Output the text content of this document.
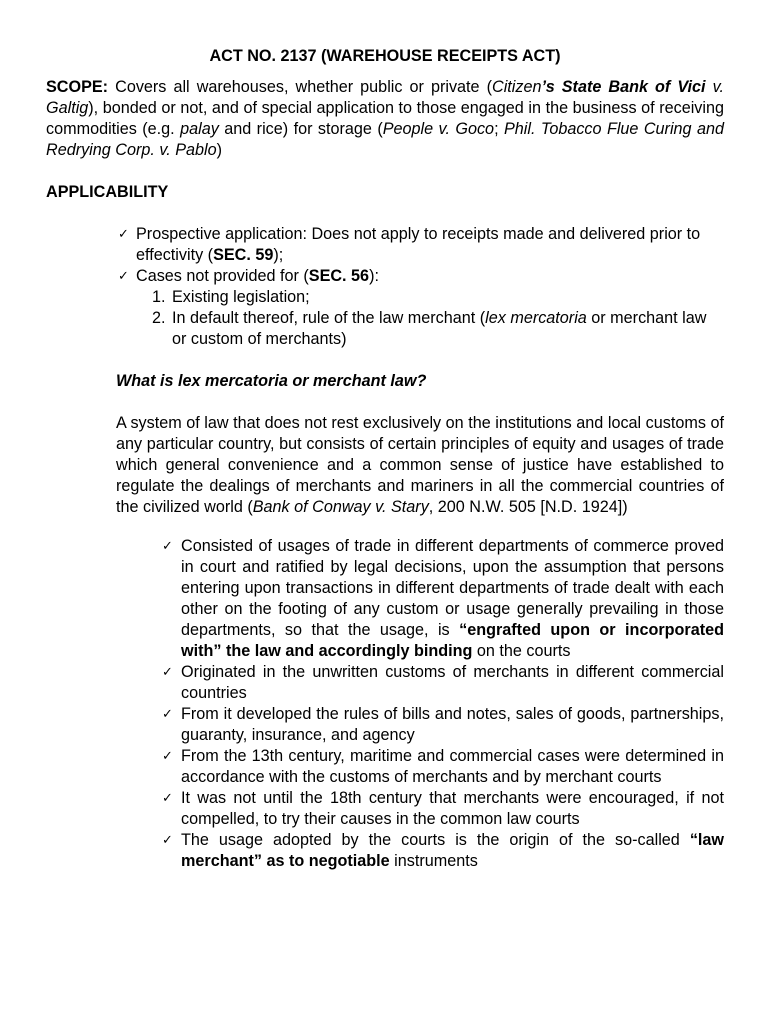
ACT NO. 2137 (WAREHOUSE RECEIPTS ACT)

SCOPE: Covers all warehouses, whether public or private (Citizen’s State Bank of Vici v. Galtig), bonded or not, and of special application to those engaged in the business of receiving commodities (e.g. palay and rice) for storage (People v. Goco; Phil. Tobacco Flue Curing and Redrying Corp. v. Pablo)

APPLICABILITY

✓ Prospective application: Does not apply to receipts made and delivered prior to effectivity (SEC. 59);
✓ Cases not provided for (SEC. 56):
1. Existing legislation;
2. In default thereof, rule of the law merchant (lex mercatoria or merchant law or custom of merchants)

What is lex mercatoria or merchant law?

A system of law that does not rest exclusively on the institutions and local customs of any particular country, but consists of certain principles of equity and usages of trade which general convenience and a common sense of justice have established to regulate the dealings of merchants and mariners in all the commercial countries of the civilized world (Bank of Conway v. Stary, 200 N.W. 505 [N.D. 1924])

✓ Consisted of usages of trade in different departments of commerce proved in court and ratified by legal decisions, upon the assumption that persons entering upon transactions in different departments of trade dealt with each other on the footing of any custom or usage generally prevailing in those departments, so that the usage, is “engrafted upon or incorporated with” the law and accordingly binding on the courts
✓ Originated in the unwritten customs of merchants in different commercial countries
✓ From it developed the rules of bills and notes, sales of goods, partnerships, guaranty, insurance, and agency
✓ From the 13th century, maritime and commercial cases were determined in accordance with the customs of merchants and by merchant courts
✓ It was not until the 18th century that merchants were encouraged, if not compelled, to try their causes in the common law courts
✓ The usage adopted by the courts is the origin of the so-called “law merchant” as to negotiable instruments
